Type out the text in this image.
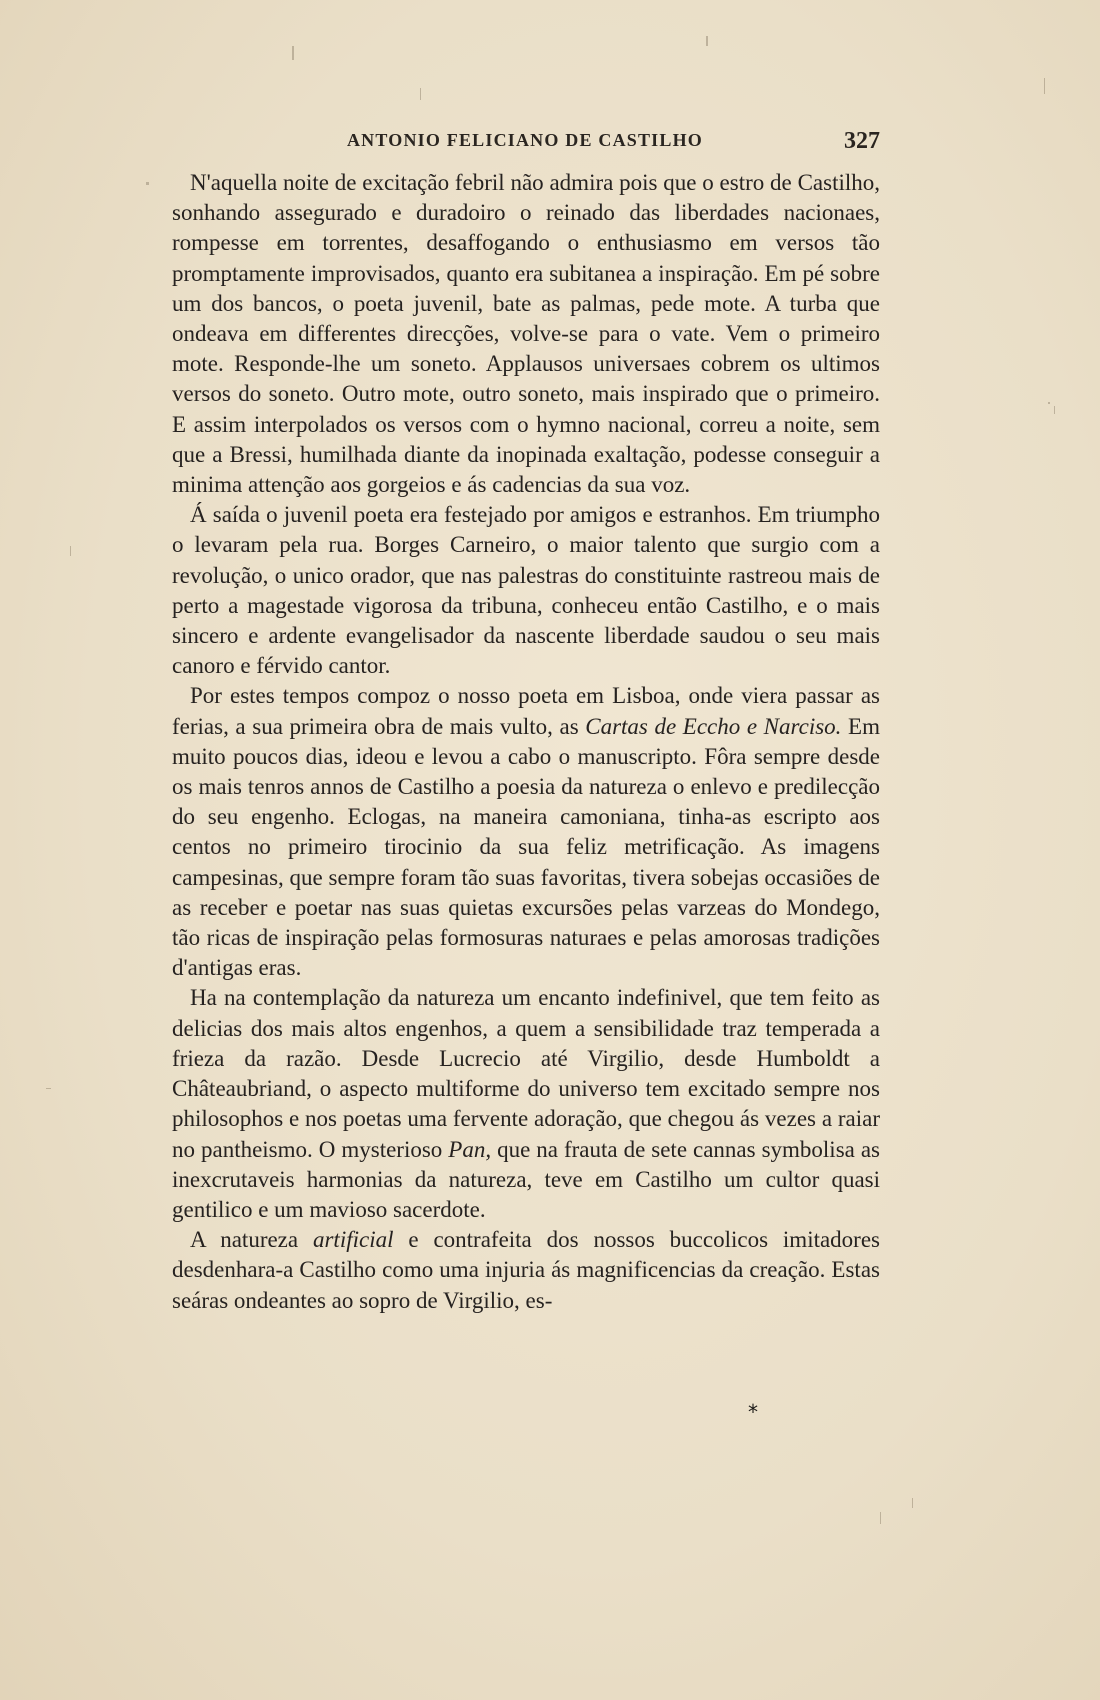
ANTONIO FELICIANO DE CASTILHO	327

N'aquella noite de excitação febril não admira pois que o estro de Castilho, sonhando assegurado e duradoiro o reinado das liberdades nacionaes, rompesse em torrentes, desaffogando o enthusiasmo em versos tão promptamente improvisados, quanto era subitanea a inspiração. Em pé sobre um dos bancos, o poeta juvenil, bate as palmas, pede mote. A turba que ondeava em differentes direcções, volve-se para o vate. Vem o primeiro mote. Responde-lhe um soneto. Applausos universaes cobrem os ultimos versos do soneto. Outro mote, outro soneto, mais inspirado que o primeiro. E assim interpolados os versos com o hymno nacional, correu a noite, sem que a Bressi, humilhada diante da inopinada exaltação, podesse conseguir a minima attenção aos gorgeios e ás cadencias da sua voz.

Á saída o juvenil poeta era festejado por amigos e estranhos. Em triumpho o levaram pela rua. Borges Carneiro, o maior talento que surgio com a revolução, o unico orador, que nas palestras do constituinte rastreou mais de perto a magestade vigorosa da tribuna, conheceu então Castilho, e o mais sincero e ardente evangelisador da nascente liberdade saudou o seu mais canoro e férvido cantor.

Por estes tempos compoz o nosso poeta em Lisboa, onde viera passar as ferias, a sua primeira obra de mais vulto, as Cartas de Eccho e Narciso. Em muito poucos dias, ideou e levou a cabo o manuscripto. Fôra sempre desde os mais tenros annos de Castilho a poesia da natureza o enlevo e predilecção do seu engenho. Eclogas, na maneira camoniana, tinha-as escripto aos centos no primeiro tirocinio da sua feliz metrificação. As imagens campesinas, que sempre foram tão suas favoritas, tivera sobejas occasiões de as receber e poetar nas suas quietas excursões pelas varzeas do Mondego, tão ricas de inspiração pelas formosuras naturaes e pelas amorosas tradições d'antigas eras.

Ha na contemplação da natureza um encanto indefinivel, que tem feito as delicias dos mais altos engenhos, a quem a sensibilidade traz temperada a frieza da razão. Desde Lucrecio até Virgilio, desde Humboldt a Châteaubriand, o aspecto multiforme do universo tem excitado sempre nos philosophos e nos poetas uma fervente adoração, que chegou ás vezes a raiar no pantheismo. O mysterioso Pan, que na frauta de sete cannas symbolisa as inexcrutaveis harmonias da natureza, teve em Castilho um cultor quasi gentilico e um mavioso sacerdote.

A natureza artificial e contrafeita dos nossos buccolicos imitadores desdenhara-a Castilho como uma injuria ás magnificencias da creação. Estas seáras ondeantes ao sopro de Virgilio, es-

*
